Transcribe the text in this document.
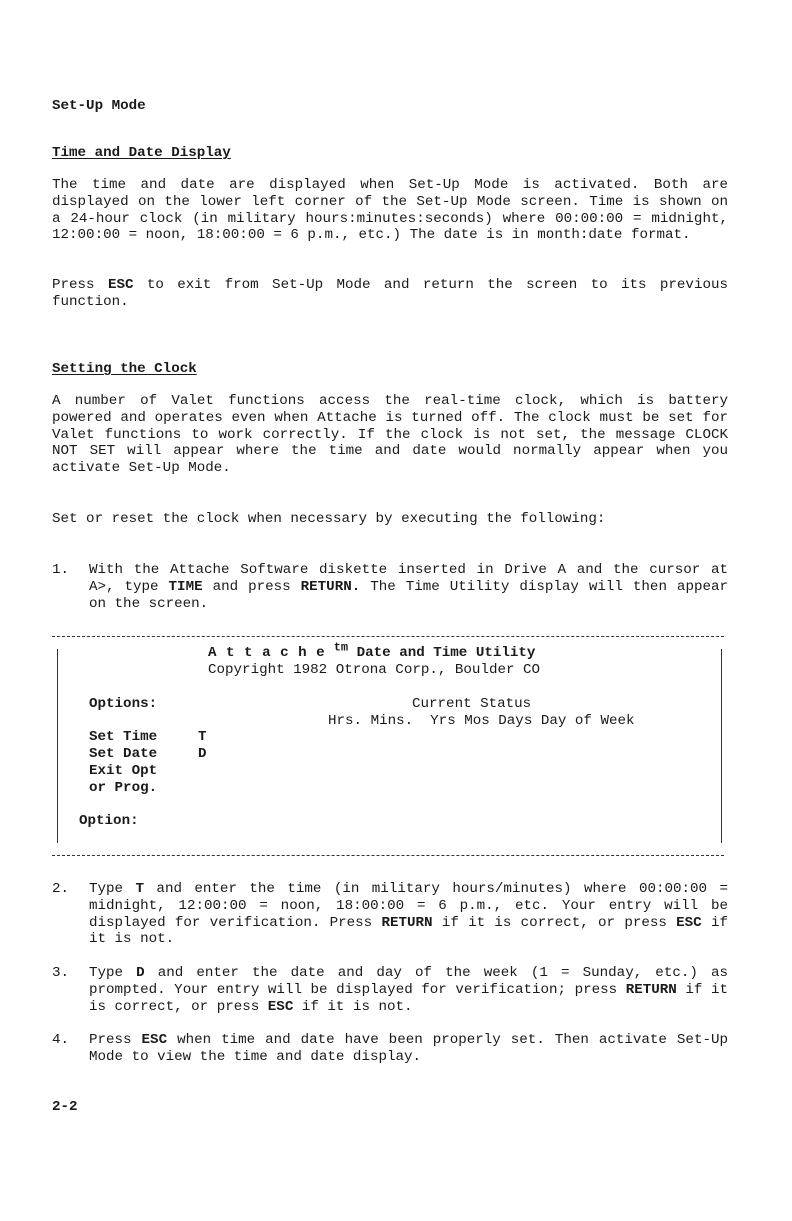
Set-Up Mode
Time and Date Display

The time and date are displayed when Set-Up Mode is activated. Both are displayed on the lower left corner of the Set-Up Mode screen. Time is shown on a 24-hour clock (in military hours:minutes:seconds) where 00:00:00 = midnight, 12:00:00 = noon, 18:00:00 = 6 p.m., etc.) The date is in month:date format.

Press ESC to exit from Set-Up Mode and return the screen to its previous function.

Setting the Clock

A number of Valet functions access the real-time clock, which is battery powered and operates even when Attache is turned off. The clock must be set for Valet functions to work correctly. If the clock is not set, the message CLOCK NOT SET will appear where the time and date would normally appear when you activate Set-Up Mode.

Set or reset the clock when necessary by executing the following:

1. With the Attache Software diskette inserted in Drive A and the cursor at A>, type TIME and press RETURN. The Time Utility display will then appear on the screen.
A t t a c h e $^{tm}$ Date and Time Utility
Copyright 1982 Otrona Corp., Boulder CO
Options:	Current Status
Hrs. Mins.  Yrs Mos Days Day of Week
Set Time	T
Set Date	D
Exit Opt
or Prog.
Option:
2. Type T and enter the time (in military hours/minutes) where 00:00:00 = midnight, 12:00:00 = noon, 18:00:00 = 6 p.m., etc. Your entry will be displayed for verification. Press RETURN if it is correct, or press ESC if it is not.
3. Type D and enter the date and day of the week (1 = Sunday, etc.) as prompted. Your entry will be displayed for verification; press RETURN if it is correct, or press ESC if it is not.
4. Press ESC when time and date have been properly set. Then activate Set-Up Mode to view the time and date display.
2-2
